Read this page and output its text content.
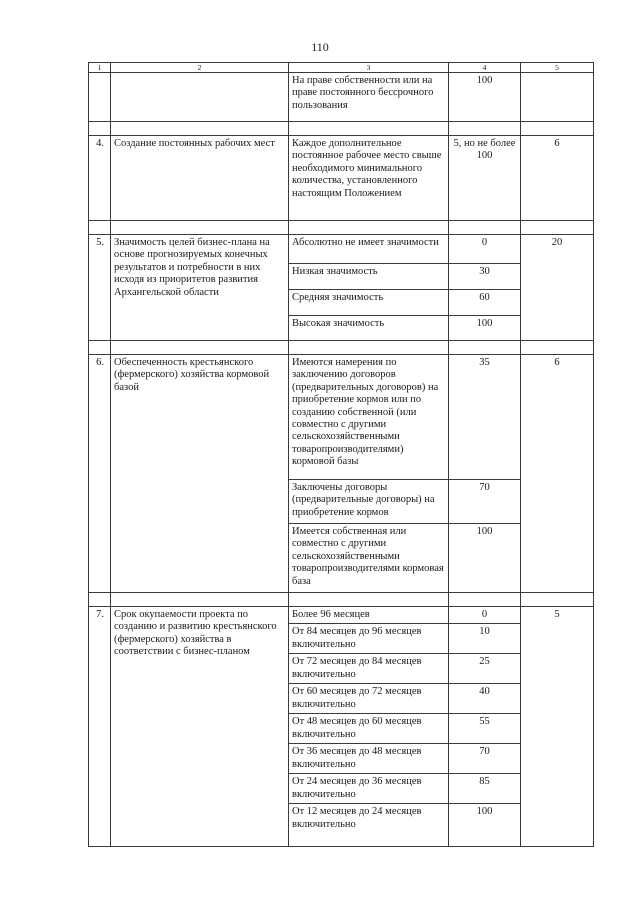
110
1	2	3	4	5
		На праве собственности или на праве постоянного бессрочного пользования	100	

4.	Создание постоянных рабочих мест	Каждое дополнительное постоянное рабочее место свыше необходимого минимального количества, установленного настоящим Положением	5, но не более 100	6

5.	Значимость целей бизнес-плана на основе прогнозируемых конечных результатов и потребности в них исходя из приоритетов развития Архангельской области	Абсолютно не имеет значимости	0	20
		Низкая значимость	30	
		Средняя значимость	60	
		Высокая значимость	100	

6.	Обеспеченность крестьянского (фермерского) хозяйства кормовой базой	Имеются намерения по заключению договоров (предварительных договоров) на приобретение кормов или по созданию собственной (или совместно с другими сельскохозяйственными товаропроизводителями) кормовой базы	35	6
		Заключены договоры (предварительные договоры) на приобретение кормов	70	
		Имеется собственная или совместно с другими сельскохозяйственными товаропроизводителями кормовая база	100	

7.	Срок окупаемости проекта по созданию и развитию крестьянского (фермерского) хозяйства в соответствии с бизнес-планом	Более 96 месяцев	0	5
		От 84 месяцев до 96 месяцев включительно	10	
		От 72 месяцев до 84 месяцев включительно	25	
		От 60 месяцев до 72 месяцев включительно	40	
		От 48 месяцев до 60 месяцев включительно	55	
		От 36 месяцев до 48 месяцев включительно	70	
		От 24 месяцев до 36 месяцев включительно	85	
		От 12 месяцев до 24 месяцев включительно	100	
